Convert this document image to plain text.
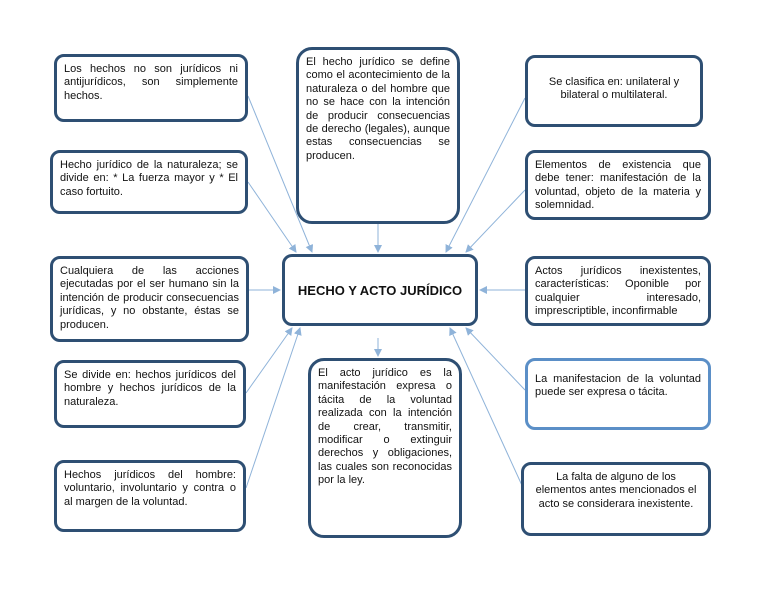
HECHO Y ACTO JURÍDICO
Los hechos no son jurídicos ni antijurídicos, son simplemente hechos.
Hecho jurídico de la naturaleza; se divide en: * La fuerza mayor y * El caso fortuito.
Cualquiera de las acciones ejecutadas por el ser humano sin la intención de producir consecuencias jurídicas, y no obstante, éstas se producen.
Se divide en: hechos jurídicos del hombre y hechos jurídicos de la naturaleza.
Hechos jurídicos del hombre: voluntario, involuntario y contra o al margen de la voluntad.
El hecho jurídico se define como el acontecimiento de la naturaleza o del hombre que no se hace con la intención de producir consecuencias de derecho (legales), aunque estas consecuencias se producen.
El acto jurídico es la manifestación expresa o tácita de la voluntad realizada con la intención de crear, transmitir, modificar o extinguir derechos y obligaciones, las cuales son reconocidas por la ley.
Se clasifica en: unilateral y bilateral o multilateral.
Elementos de existencia que debe tener: manifestación de la voluntad, objeto de la materia y solemnidad.
Actos jurídicos inexistentes, características: Oponible por cualquier interesado, imprescriptible, inconfirmable
La manifestacion de la voluntad puede ser expresa o tácita.
La falta de alguno de los elementos antes mencionados el acto se considerara inexistente.
